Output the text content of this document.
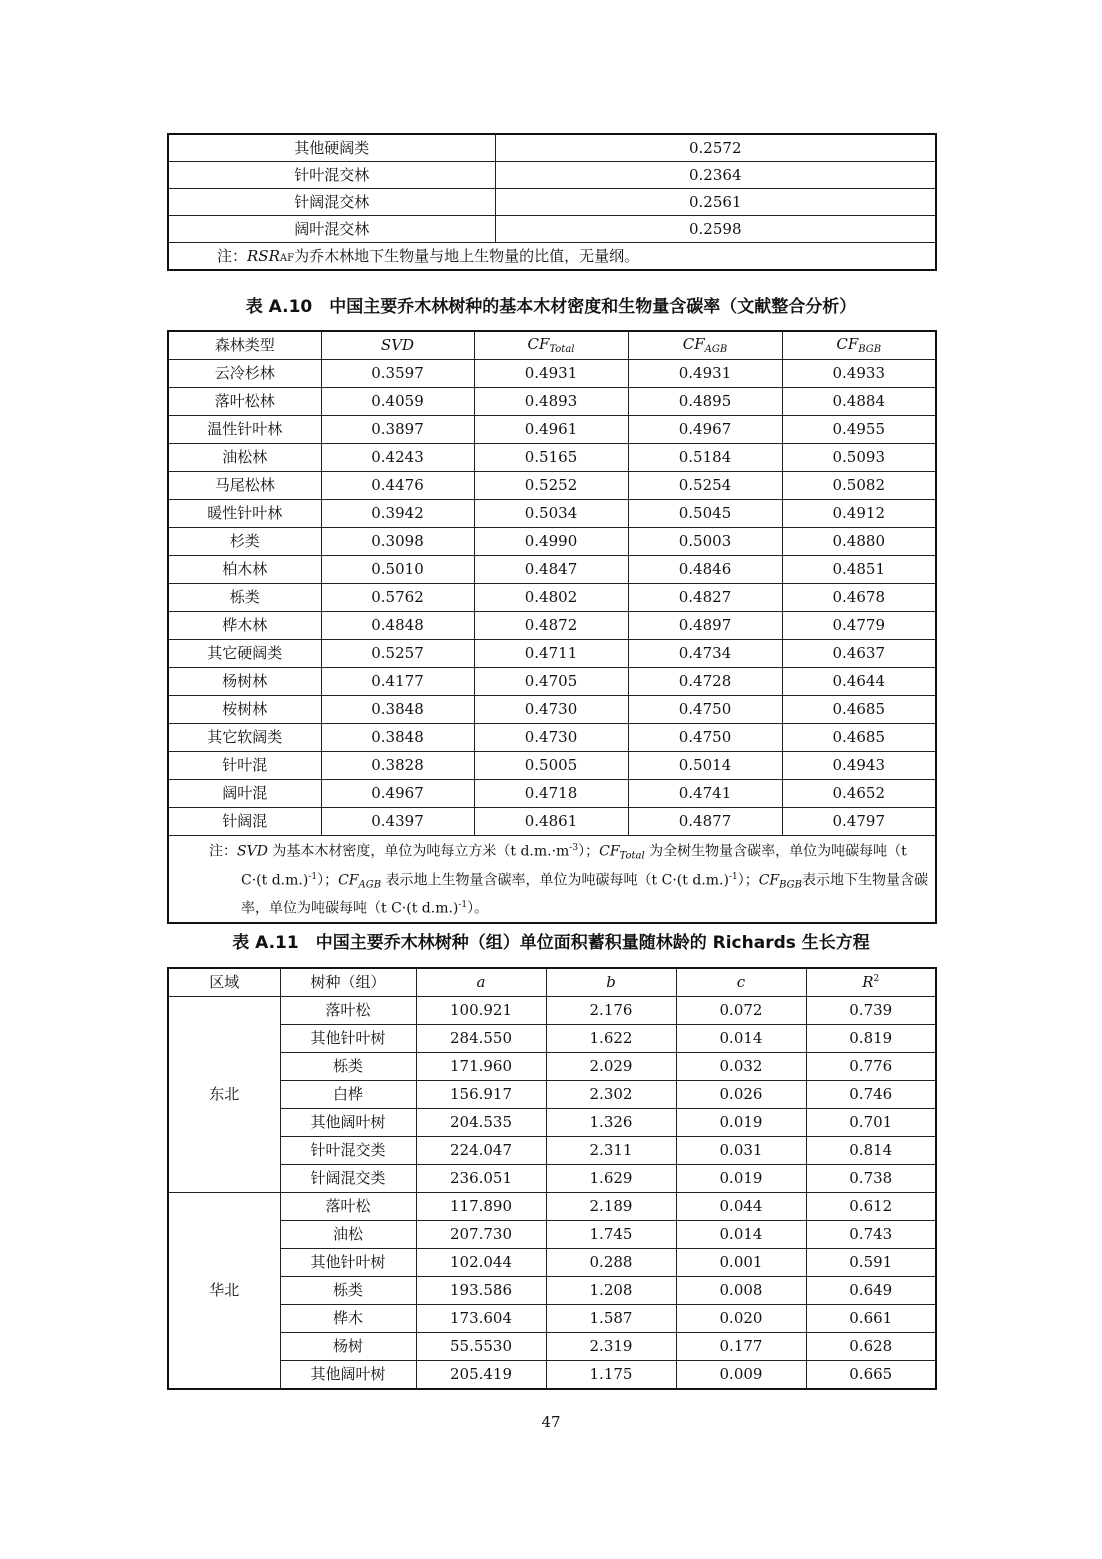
其他硬阔类	0.2572
针叶混交林	0.2364
针阔混交林	0.2561
阔叶混交林	0.2598
注：RSRAF为乔木林地下生物量与地上生物量的比值，无量纲。	
表 A.10　中国主要乔木林树种的基本木材密度和生物量含碳率（文献整合分析）
森林类型	SVD	$CF_{Total}$	$CF_{AGB}$	$CF_{BGB}$
云冷杉林	0.3597	0.4931	0.4931	0.4933
落叶松林	0.4059	0.4893	0.4895	0.4884
温性针叶林	0.3897	0.4961	0.4967	0.4955
油松林	0.4243	0.5165	0.5184	0.5093
马尾松林	0.4476	0.5252	0.5254	0.5082
暖性针叶林	0.3942	0.5034	0.5045	0.4912
杉类	0.3098	0.4990	0.5003	0.4880
柏木林	0.5010	0.4847	0.4846	0.4851
栎类	0.5762	0.4802	0.4827	0.4678
桦木林	0.4848	0.4872	0.4897	0.4779
其它硬阔类	0.5257	0.4711	0.4734	0.4637
杨树林	0.4177	0.4705	0.4728	0.4644
桉树林	0.3848	0.4730	0.4750	0.4685
其它软阔类	0.3848	0.4730	0.4750	0.4685
针叶混	0.3828	0.5005	0.5014	0.4943
阔叶混	0.4967	0.4718	0.4741	0.4652
针阔混	0.4397	0.4861	0.4877	0.4797
注：SVD 为基本木材密度，单位为吨每立方米（t $d.m.\cdot m^{-3}$）；$CF_{Total}$ 为全树生物量含碳率，单位为吨碳每吨（t C·(t d.m.)$^{-1}$）；$CF_{AGB}$ 表示地上生物量含碳率，单位为吨碳每吨（t C·(t d.m.)$^{-1}$）；$CF_{BGB}$表示地下生物量含碳率，单位为吨碳每吨（t C·(t d.m.)$^{-1}$）。				
表 A.11　中国主要乔木林树种（组）单位面积蓄积量随林龄的 Richards 生长方程
区域	树种（组）	a	b	c	$R^2$
东北	落叶松	100.921	2.176	0.072	0.739
	其他针叶树	284.550	1.622	0.014	0.819
	栎类	171.960	2.029	0.032	0.776
	白桦	156.917	2.302	0.026	0.746
	其他阔叶树	204.535	1.326	0.019	0.701
	针叶混交类	224.047	2.311	0.031	0.814
	针阔混交类	236.051	1.629	0.019	0.738
华北	落叶松	117.890	2.189	0.044	0.612
	油松	207.730	1.745	0.014	0.743
	其他针叶树	102.044	0.288	0.001	0.591
	栎类	193.586	1.208	0.008	0.649
	桦木	173.604	1.587	0.020	0.661
	杨树	55.5530	2.319	0.177	0.628
	其他阔叶树	205.419	1.175	0.009	0.665
47
